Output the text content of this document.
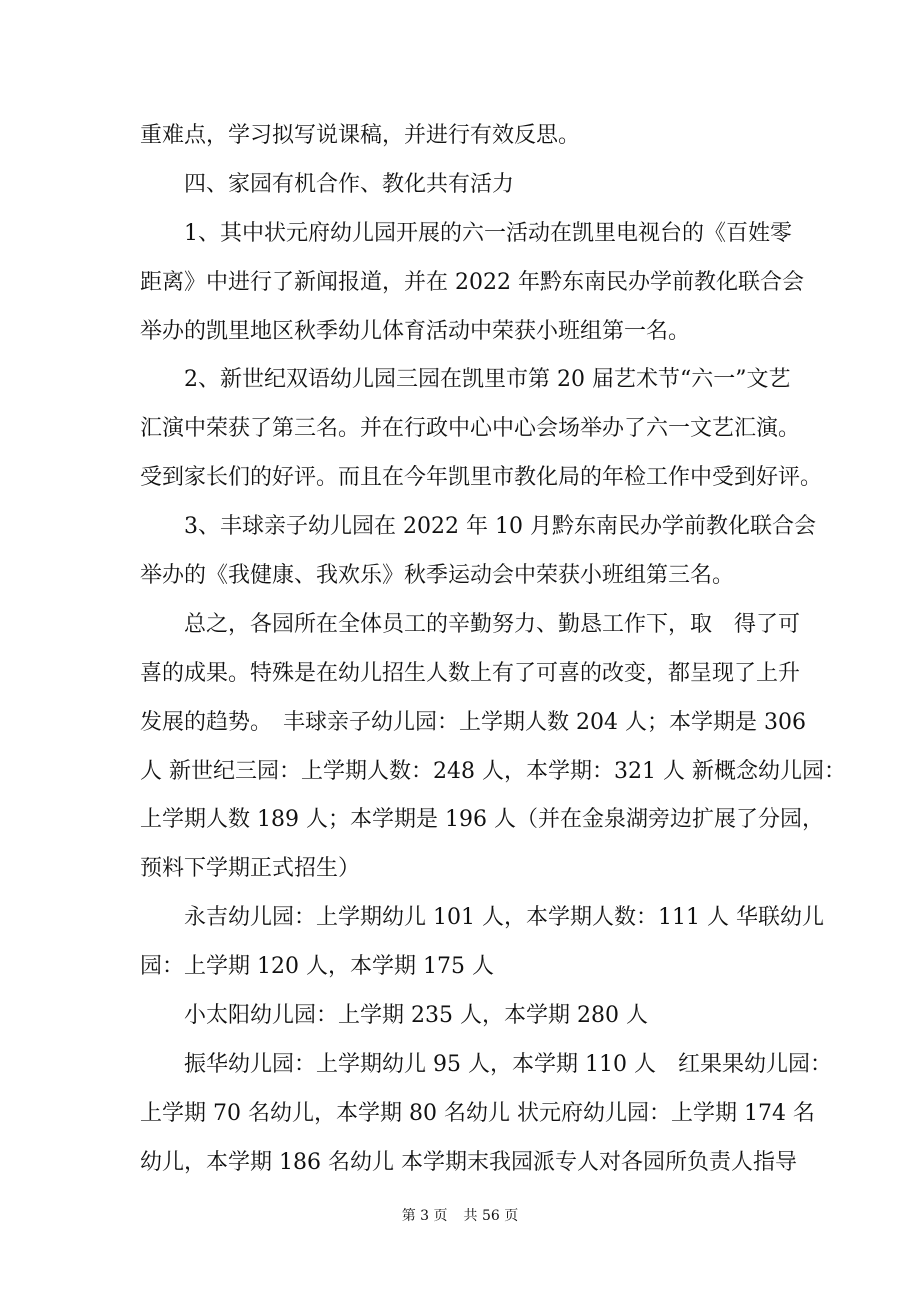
重难点，学习拟写说课稿，并进行有效反思。
四、家园有机合作、教化共有活力
1、其中状元府幼儿园开展的六一活动在凯里电视台的《百姓零
距离》中进行了新闻报道，并在 2022 年黔东南民办学前教化联合会
举办的凯里地区秋季幼儿体育活动中荣获小班组第一名。
2、新世纪双语幼儿园三园在凯里市第 20 届艺术节“六一”文艺
汇演中荣获了第三名。并在行政中心中心会场举办了六一文艺汇演。
受到家长们的好评。而且在今年凯里市教化局的年检工作中受到好评。
3、丰球亲子幼儿园在 2022 年 10 月黔东南民办学前教化联合会
举办的《我健康、我欢乐》秋季运动会中荣获小班组第三名。
总之，各园所在全体员工的辛勤努力、勤恳工作下，取　得了可
喜的成果。特殊是在幼儿招生人数上有了可喜的改变，都呈现了上升
发展的趋势。　丰球亲子幼儿园：上学期人数 204 人；本学期是 306
人 新世纪三园：上学期人数：248 人，本学期：321 人 新概念幼儿园：
上学期人数 189 人；本学期是 196 人（并在金泉湖旁边扩展了分园，
预料下学期正式招生）
永吉幼儿园：上学期幼儿 101 人，本学期人数：111 人 华联幼儿
园：上学期 120 人，本学期 175 人
小太阳幼儿园：上学期 235 人，本学期 280 人
振华幼儿园：上学期幼儿 95 人，本学期 110 人　红果果幼儿园：
上学期 70 名幼儿，本学期 80 名幼儿 状元府幼儿园：上学期 174 名
幼儿，本学期 186 名幼儿 本学期末我园派专人对各园所负责人指导
第 3 页 共 56 页
